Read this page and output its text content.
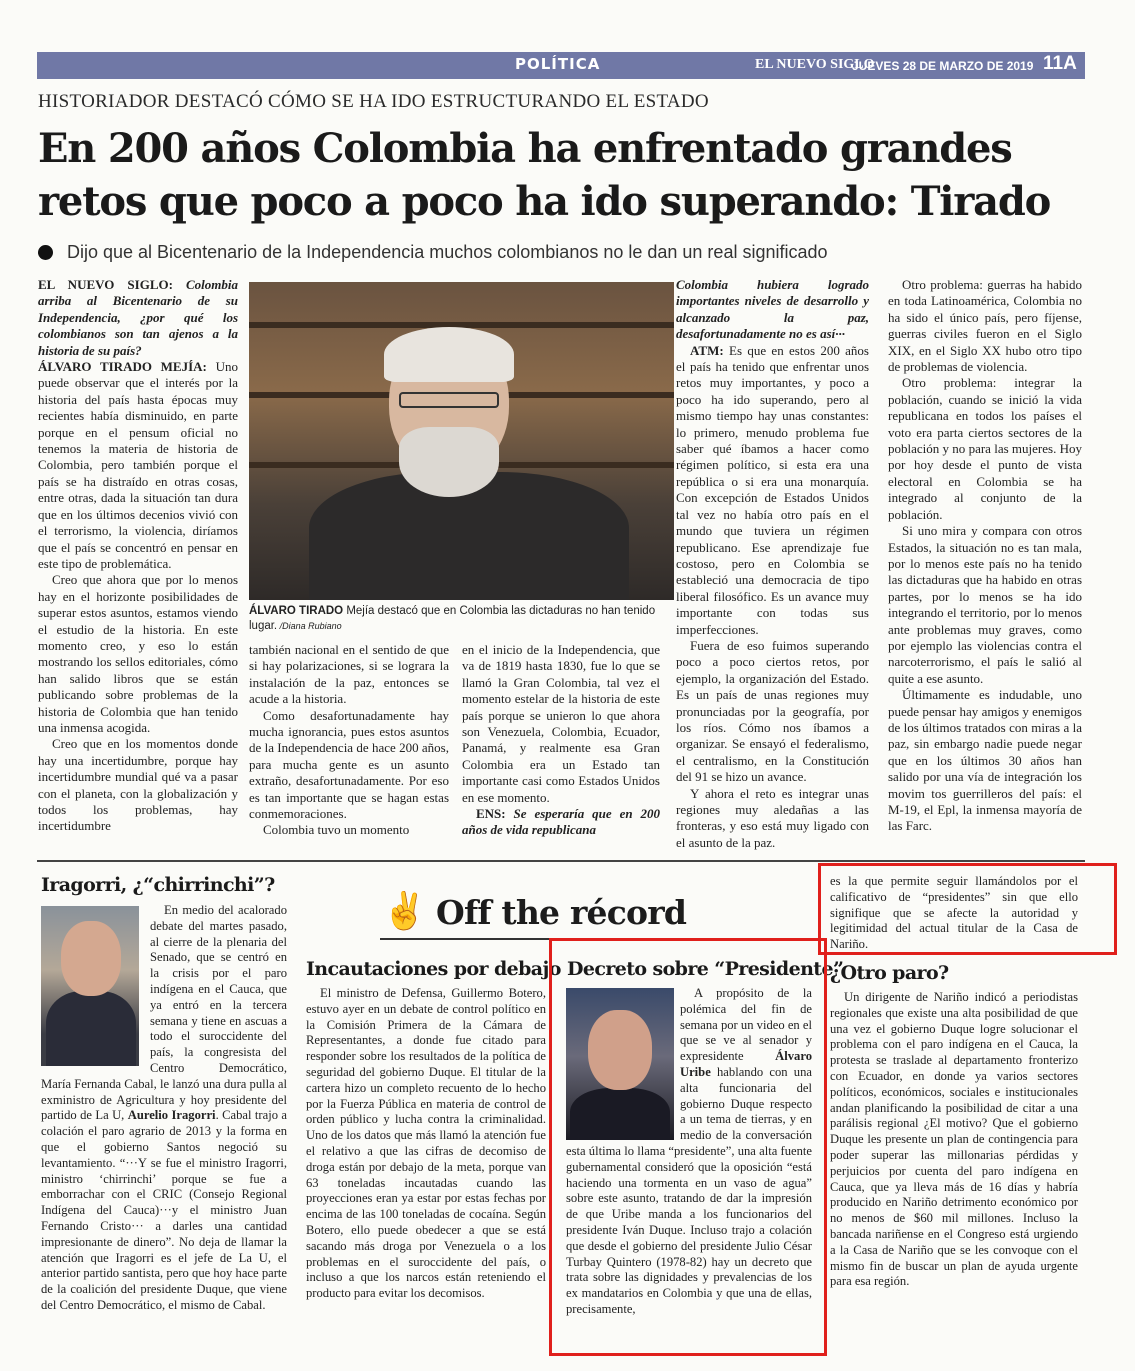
POLÍTICA	EL NUEVO SIGLO
JUEVES 28 DE MARZO DE 2019 11A
HISTORIADOR DESTACÓ CÓMO SE HA IDO ESTRUCTURANDO EL ESTADO
En 200 años Colombia ha enfrentado grandes
retos que poco a poco ha ido superando: Tirado
Dijo que al Bicentenario de la Independencia muchos colombianos no le dan un real significado

EL NUEVO SIGLO: Colombia arriba al Bicentenario de su Independencia, ¿por qué los colombianos son tan ajenos a la historia de su país?

ÁLVARO TIRADO MEJÍA: Uno puede observar que el interés por la historia del país hasta épocas muy recientes había disminuido, en parte porque en el pensum oficial no tenemos la materia de historia de Colombia, pero también porque el país se ha distraído en otras cosas, entre otras, dada la situación tan dura que en los últimos decenios vivió con el terrorismo, la violencia, diríamos que el país se concentró en pensar en este tipo de problemática.

Creo que ahora que por lo menos hay en el horizonte posibilidades de superar estos asuntos, estamos viendo el estudio de la historia. En este momento creo, y eso lo están mostrando los sellos editoriales, cómo han salido libros que se están publicando sobre problemas de la historia de Colombia que han tenido una inmensa acogida.

Creo que en los momentos donde hay una incertidumbre, porque hay incertidumbre mundial qué va a pasar con el planeta, con la globalización y todos los problemas, hay incertidumbre

ÁLVARO TIRADO Mejía destacó que en Colombia las dictaduras no han tenido lugar. /Diana Rubiano

también nacional en el sentido de que si hay polarizaciones, si se lograra la instalación de la paz, entonces se acude a la historia.

Como desafortunadamente hay mucha ignorancia, pues estos asuntos de la Independencia de hace 200 años, para mucha gente es un asunto extraño, desafortunadamente. Por eso es tan importante que se hagan estas conmemoraciones.

Colombia tuvo un momento

en el inicio de la Independencia, que va de 1819 hasta 1830, fue lo que se llamó la Gran Colombia, tal vez el momento estelar de la historia de este país porque se unieron lo que ahora son Venezuela, Colombia, Ecuador, Panamá, y realmente esa Gran Colombia era un Estado tan importante casi como Estados Unidos en ese momento.

ENS: Se esperaría que en 200 años de vida republicana

Colombia hubiera logrado importantes niveles de desarrollo y alcanzado la paz, desafortunadamente no es así···

ATM: Es que en estos 200 años el país ha tenido que enfrentar unos retos muy importantes, y poco a poco ha ido superando, pero al mismo tiempo hay unas constantes: lo primero, menudo problema fue saber qué íbamos a hacer como régimen político, si esta era una república o si era una monarquía. Con excepción de Estados Unidos tal vez no había otro país en el mundo que tuviera un régimen republicano. Ese aprendizaje fue costoso, pero en Colombia se estableció una democracia de tipo liberal filosófico. Es un avance muy importante con todas sus imperfecciones.

Fuera de eso fuimos superando poco a poco ciertos retos, por ejemplo, la organización del Estado. Es un país de unas regiones muy pronunciadas por la geografía, por los ríos. Cómo nos íbamos a organizar. Se ensayó el federalismo, el centralismo, en la Constitución del 91 se hizo un avance.

Y ahora el reto es integrar unas regiones muy aledañas a las fronteras, y eso está muy ligado con el asunto de la paz.

Otro problema: guerras ha habido en toda Latinoamérica, Colombia no ha sido el único país, pero fíjense, guerras civiles fueron en el Siglo XIX, en el Siglo XX hubo otro tipo de problemas de violencia.

Otro problema: integrar la población, cuando se inició la vida republicana en todos los países el voto era parta ciertos sectores de la población y no para las mujeres. Hoy por hoy desde el punto de vista electoral en Colombia se ha integrado al conjunto de la población.

Si uno mira y compara con otros Estados, la situación no es tan mala, por lo menos este país no ha tenido las dictaduras que ha habido en otras partes, por lo menos se ha ido integrando el territorio, por lo menos ante problemas muy graves, como por ejemplo las violencias contra el narcoterrorismo, el país le salió al quite a ese asunto.

Últimamente es indudable, uno puede pensar hay amigos y enemigos de los últimos tratados con miras a la paz, sin embargo nadie puede negar que en los últimos 30 años han salido por una vía de integración los movim tos guerrilleros del país: el M-19, el Epl, la inmensa mayoría de las Farc.

Iragorri, ¿“chirrinchi”?

En medio del acalorado debate del martes pasado, al cierre de la plenaria del Senado, que se centró en la crisis por el paro indígena en el Cauca, que ya entró en la tercera semana y tiene en ascuas a todo el suroccidente del país, la congresista del Centro Democrático, María Fernanda Cabal, le lanzó una dura pulla al exministro de Agricultura y hoy presidente del partido de La U, Aurelio Iragorri. Cabal trajo a colación el paro agrario de 2013 y la forma en que el gobierno Santos negoció su levantamiento. “···Y se fue el ministro Iragorri, ministro ‘chirrinchi’ porque se fue a emborrachar con el CRIC (Consejo Regional Indígena del Cauca)···y el ministro Juan Fernando Cristo··· a darles una cantidad impresionante de dinero”. No deja de llamar la atención que Iragorri es el jefe de La U, el anterior partido santista, pero que hoy hace parte de la coalición del presidente Duque, que viene del Centro Democrático, el mismo de Cabal.

✌ Off the récord
Incautaciones por debajo

El ministro de Defensa, Guillermo Botero, estuvo ayer en un debate de control político en la Comisión Primera de la Cámara de Representantes, a donde fue citado para responder sobre los resultados de la política de seguridad del gobierno Duque. El titular de la cartera hizo un completo recuento de lo hecho por la Fuerza Pública en materia de control de orden público y lucha contra la criminalidad. Uno de los datos que más llamó la atención fue el relativo a que las cifras de decomiso de droga están por debajo de la meta, porque van 63 toneladas incautadas cuando las proyecciones eran ya estar por estas fechas por encima de las 100 toneladas de cocaína. Según Botero, ello puede obedecer a que se está sacando más droga por Venezuela o a los problemas en el suroccidente del país, o incluso a que los narcos están reteniendo el producto para evitar los decomisos.

Decreto sobre “Presidente”

A propósito de la polémica del fin de semana por un video en el que se ve al senador y expresidente Álvaro Uribe hablando con una alta funcionaria del gobierno Duque respecto a un tema de tierras, y en medio de la conversación esta última lo llama “presidente”, una alta fuente gubernamental consideró que la oposición “está haciendo una tormenta en un vaso de agua” sobre este asunto, tratando de dar la impresión de que Uribe manda a los funcionarios del presidente Iván Duque. Incluso trajo a colación que desde el gobierno del presidente Julio César Turbay Quintero (1978-82) hay un decreto que trata sobre las dignidades y prevalencias de los ex mandatarios en Colombia y que una de ellas, precisamente,

es la que permite seguir llamándolos por el calificativo de “presidentes” sin que ello signifique que se afecte la autoridad y legitimidad del actual titular de la Casa de Nariño.

¿Otro paro?

Un dirigente de Nariño indicó a periodistas regionales que existe una alta posibilidad de que una vez el gobierno Duque logre solucionar el problema con el paro indígena en el Cauca, la protesta se traslade al departamento fronterizo con Ecuador, en donde ya varios sectores políticos, económicos, sociales e institucionales andan planificando la posibilidad de citar a una parálisis regional ¿El motivo? Que el gobierno Duque les presente un plan de contingencia para poder superar las millonarias pérdidas y perjuicios por cuenta del paro indígena en Cauca, que ya lleva más de 16 días y habría producido en Nariño detrimento económico por no menos de $60 mil millones. Incluso la bancada nariñense en el Congreso está urgiendo a la Casa de Nariño que se les convoque con el mismo fin de buscar un plan de ayuda urgente para esa región.
